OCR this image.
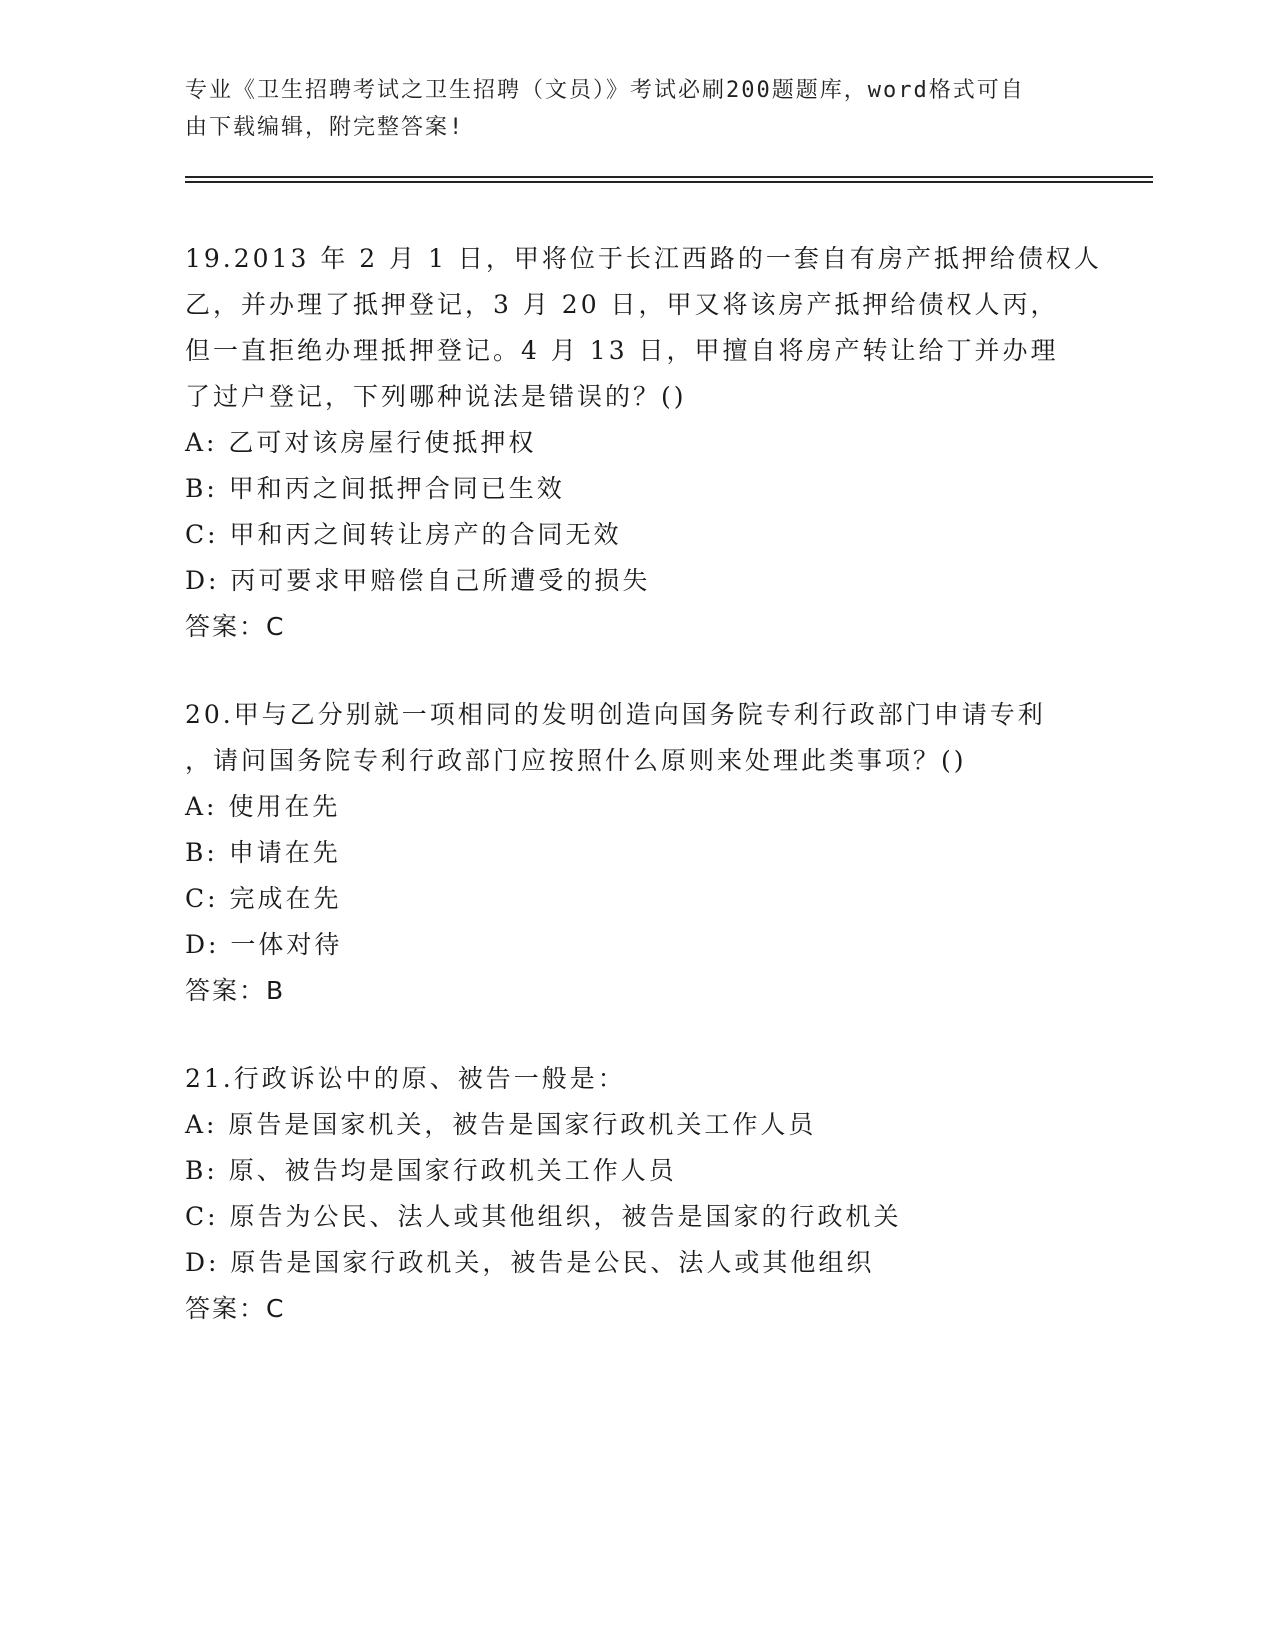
专业《卫生招聘考试之卫生招聘（文员）》考试必刷200题题库，word格式可自
由下载编辑，附完整答案!
19.2013 年 2 月 1 日，甲将位于长江西路的一套自有房产抵押给债权人
乙，并办理了抵押登记，3 月 20 日，甲又将该房产抵押给债权人丙，
但一直拒绝办理抵押登记。4 月 13 日，甲擅自将房产转让给丁并办理
了过户登记，下列哪种说法是错误的？()
A: 乙可对该房屋行使抵押权
B: 甲和丙之间抵押合同已生效
C: 甲和丙之间转让房产的合同无效
D: 丙可要求甲赔偿自己所遭受的损失
答案：C
20.甲与乙分别就一项相同的发明创造向国务院专利行政部门申请专利
，请问国务院专利行政部门应按照什么原则来处理此类事项？()
A: 使用在先
B: 申请在先
C: 完成在先
D: 一体对待
答案：B
21.行政诉讼中的原、被告一般是：
A: 原告是国家机关，被告是国家行政机关工作人员
B: 原、被告均是国家行政机关工作人员
C: 原告为公民、法人或其他组织，被告是国家的行政机关
D: 原告是国家行政机关，被告是公民、法人或其他组织
答案：C
